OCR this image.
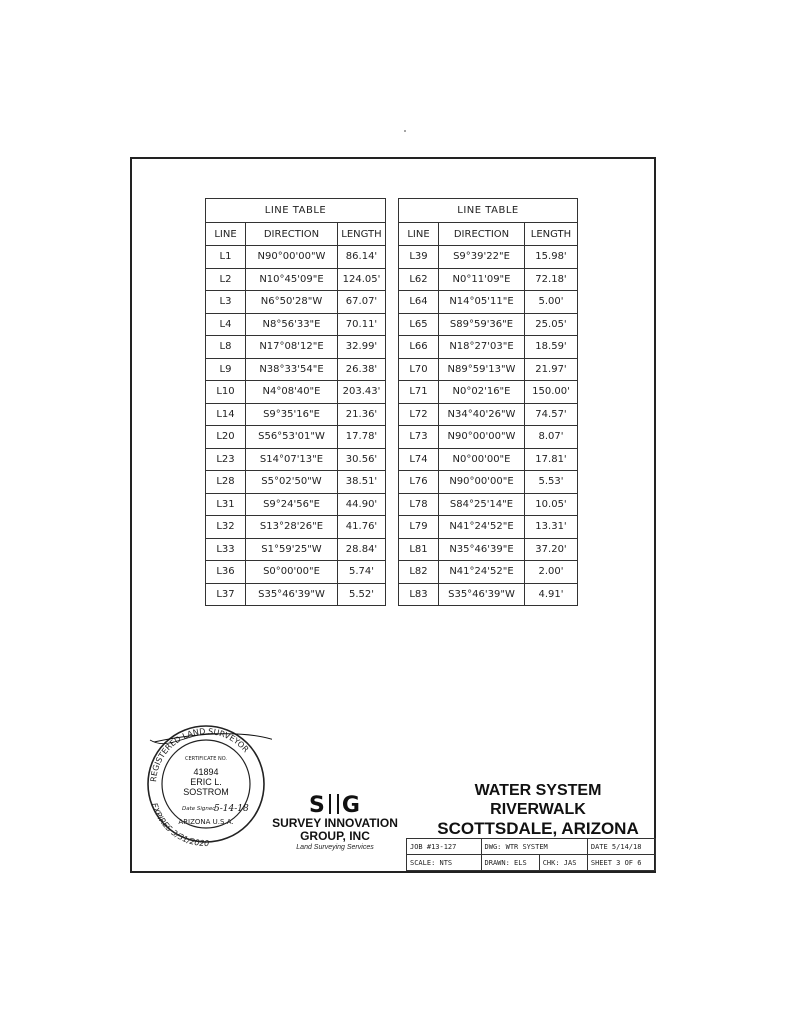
LINE TABLE		
LINE	DIRECTION	LENGTH
L1	N90°00'00"W	86.14'
L2	N10°45'09"E	124.05'
L3	N6°50'28"W	67.07'
L4	N8°56'33"E	70.11'
L8	N17°08'12"E	32.99'
L9	N38°33'54"E	26.38'
L10	N4°08'40"E	203.43'
L14	S9°35'16"E	21.36'
L20	S56°53'01"W	17.78'
L23	S14°07'13"E	30.56'
L28	S5°02'50"W	38.51'
L31	S9°24'56"E	44.90'
L32	S13°28'26"E	41.76'
L33	S1°59'25"W	28.84'
L36	S0°00'00"E	5.74'
L37	S35°46'39"W	5.52'
LINE TABLE		
LINE	DIRECTION	LENGTH
L39	S9°39'22"E	15.98'
L62	N0°11'09"E	72.18'
L64	N14°05'11"E	5.00'
L65	S89°59'36"E	25.05'
L66	N18°27'03"E	18.59'
L70	N89°59'13"W	21.97'
L71	N0°02'16"E	150.00'
L72	N34°40'26"W	74.57'
L73	N90°00'00"W	8.07'
L74	N0°00'00"E	17.81'
L76	N90°00'00"E	5.53'
L78	S84°25'14"E	10.05'
L79	N41°24'52"E	13.31'
L81	N35°46'39"E	37.20'
L82	N41°24'52"E	2.00'
L83	S35°46'39"W	4.91'
REGISTERED LAND SURVEYOR
EXPIRES 3/31/2020
CERTIFICATE NO.
41894
ERIC L.
SOSTROM
Date Signed
5-14-18
ARIZONA U.S.A.
S G
SURVEY INNOVATION
GROUP, INC
Land Surveying Services
WATER SYSTEM
RIVERWALK
SCOTTSDALE, ARIZONA
JOB #13-127	DWG: WTR SYSTEM		DATE 5/14/18
SCALE: NTS	DRAWN: ELS	CHK: JAS	SHEET 3 OF 6
